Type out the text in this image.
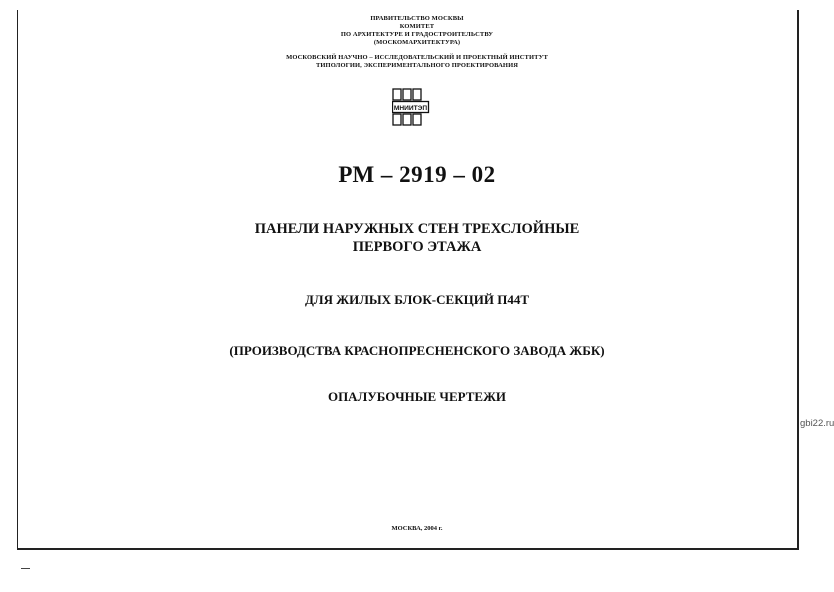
ПРАВИТЕЛЬСТВО МОСКВЫ
КОМИТЕТ
ПО АРХИТЕКТУРЕ И ГРАДОСТРОИТЕЛЬСТВУ
(МОСКОМАРХИТЕКТУРА)
МОСКОВСКИЙ НАУЧНО – ИССЛЕДОВАТЕЛЬСКИЙ И ПРОЕКТНЫЙ ИНСТИТУТ
ТИПОЛОГИИ, ЭКСПЕРИМЕНТАЛЬНОГО ПРОЕКТИРОВАНИЯ
МНИИТЭП
РМ – 2919 – 02
ПАНЕЛИ НАРУЖНЫХ СТЕН ТРЕХСЛОЙНЫЕ
ПЕРВОГО ЭТАЖА
ДЛЯ ЖИЛЫХ БЛОК-СЕКЦИЙ П44Т
(ПРОИЗВОДСТВА КРАСНОПРЕСНЕНСКОГО ЗАВОДА ЖБК)
ОПАЛУБОЧНЫЕ ЧЕРТЕЖИ
МОСКВА, 2004 г.
gbi22.ru
